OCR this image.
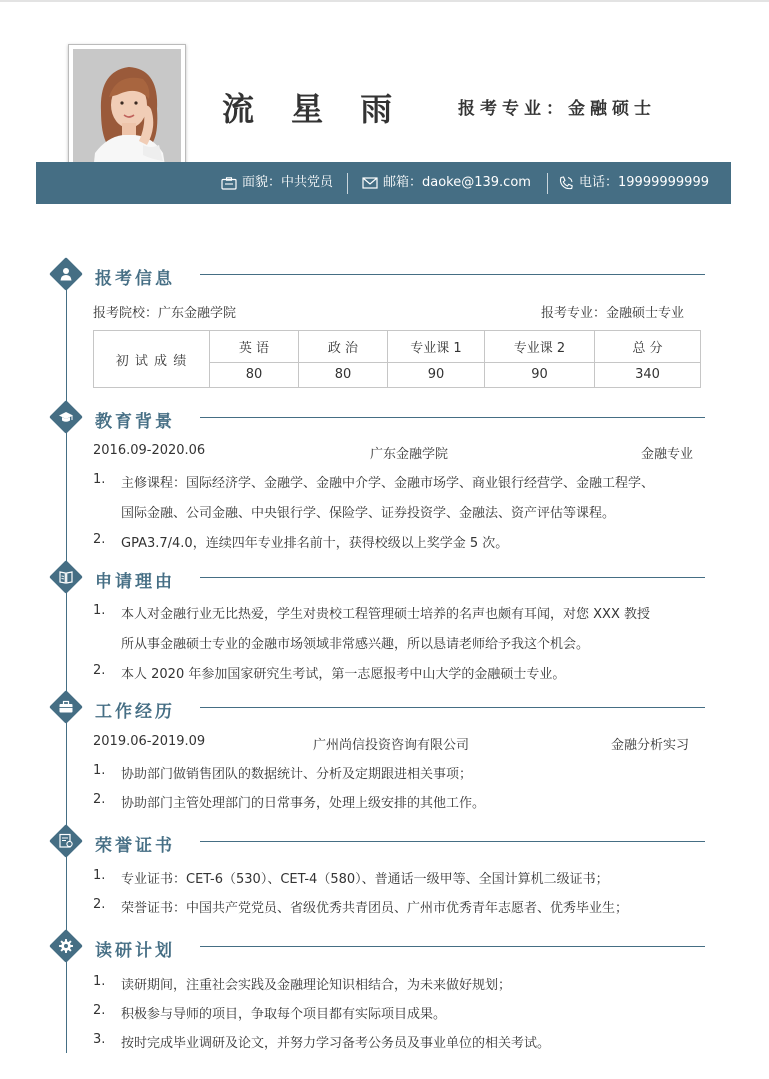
流 星 雨	报考专业：金融硕士
面貌：中共党员	邮箱：daoke@139.com	电话：19999999999
报考信息
报考院校：广东金融学院	报考专业：金融硕士专业
初 试 成 绩	英 语	政 治	专业课 1	专业课 2	总 分
	80	80	90	90	340
教育背景
2016.09-2020.06	广东金融学院	金融专业
1. 主修课程：国际经济学、金融学、金融中介学、金融市场学、商业银行经营学、金融工程学、
国际金融、公司金融、中央银行学、保险学、证券投资学、金融法、资产评估等课程。
2. GPA3.7/4.0，连续四年专业排名前十，获得校级以上奖学金 5 次。
申请理由
1. 本人对金融行业无比热爱，学生对贵校工程管理硕士培养的名声也颇有耳闻，对您 XXX 教授
所从事金融硕士专业的金融市场领域非常感兴趣，所以恳请老师给予我这个机会。
2. 本人 2020 年参加国家研究生考试，第一志愿报考中山大学的金融硕士专业。
工作经历
2019.06-2019.09	广州尚信投资咨询有限公司	金融分析实习
1. 协助部门做销售团队的数据统计、分析及定期跟进相关事项；
2. 协助部门主管处理部门的日常事务，处理上级安排的其他工作。
荣誉证书
1. 专业证书：CET-6（530）、CET-4（580）、普通话一级甲等、全国计算机二级证书；
2. 荣誉证书：中国共产党党员、省级优秀共青团员、广州市优秀青年志愿者、优秀毕业生；
读研计划
1. 读研期间，注重社会实践及金融理论知识相结合，为未来做好规划；
2. 积极参与导师的项目，争取每个项目都有实际项目成果。
3. 按时完成毕业调研及论文，并努力学习备考公务员及事业单位的相关考试。
